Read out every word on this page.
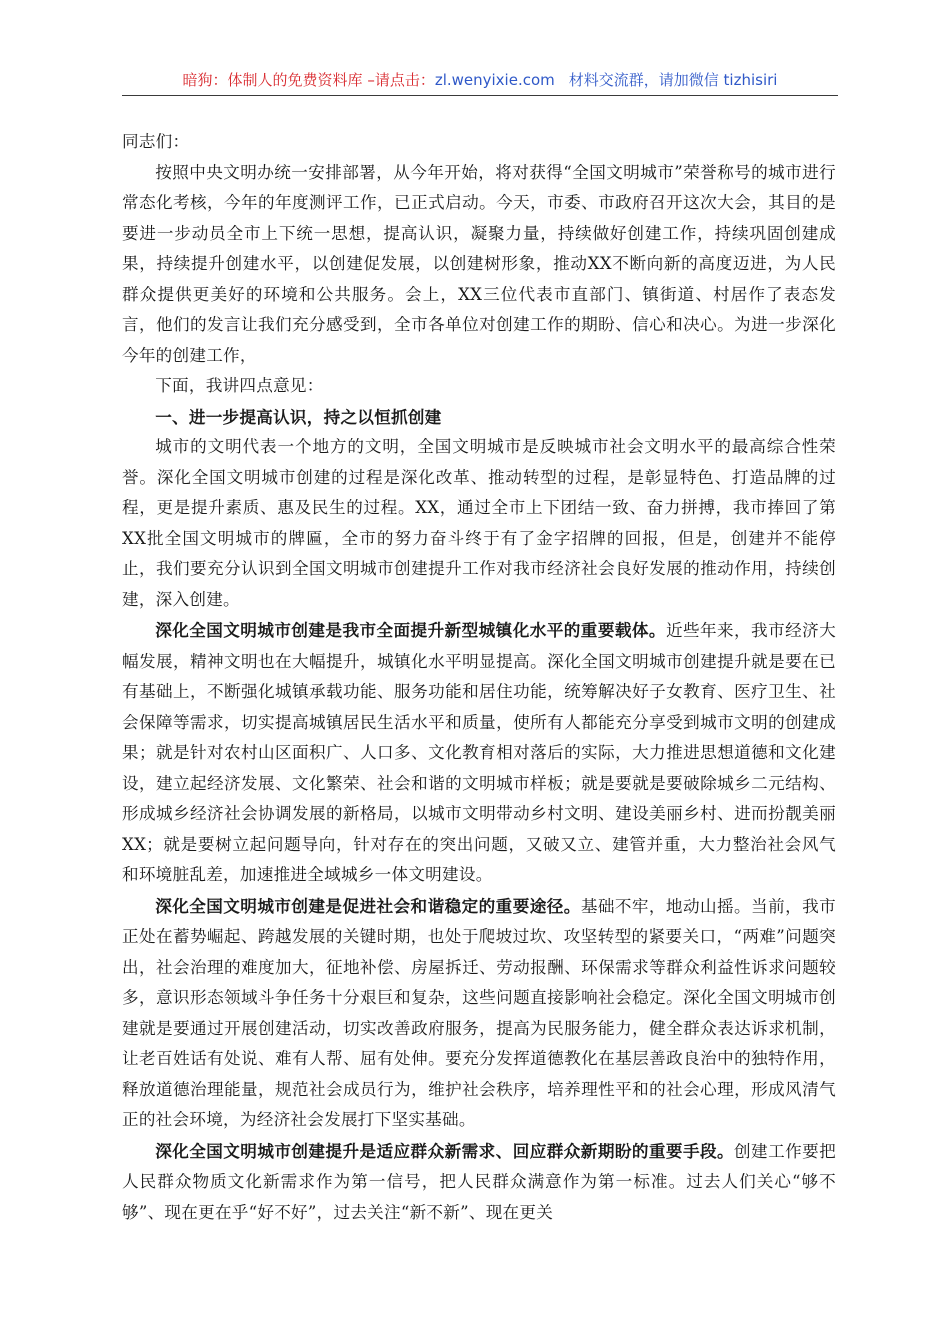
暗狗：体制人的免费资料库 –请点击：zl.wenyixie.com 材料交流群，请加微信 tizhisiri

同志们：

按照中央文明办统一安排部署，从今年开始，将对获得“全国文明城市”荣誉称号的城市进行常态化考核，今年的年度测评工作，已正式启动。今天，市委、市政府召开这次大会，其目的是要进一步动员全市上下统一思想，提高认识，凝聚力量，持续做好创建工作，持续巩固创建成果，持续提升创建水平，以创建促发展，以创建树形象，推动XX不断向新的高度迈进，为人民群众提供更美好的环境和公共服务。会上，XX三位代表市直部门、镇街道、村居作了表态发言，他们的发言让我们充分感受到，全市各单位对创建工作的期盼、信心和决心。为进一步深化今年的创建工作，

下面，我讲四点意见：

一、进一步提高认识，持之以恒抓创建

城市的文明代表一个地方的文明，全国文明城市是反映城市社会文明水平的最高综合性荣誉。深化全国文明城市创建的过程是深化改革、推动转型的过程，是彰显特色、打造品牌的过程，更是提升素质、惠及民生的过程。XX，通过全市上下团结一致、奋力拼搏，我市捧回了第XX批全国文明城市的牌匾，全市的努力奋斗终于有了金字招牌的回报，但是，创建并不能停止，我们要充分认识到全国文明城市创建提升工作对我市经济社会良好发展的推动作用，持续创建，深入创建。

深化全国文明城市创建是我市全面提升新型城镇化水平的重要载体。近些年来，我市经济大幅发展，精神文明也在大幅提升，城镇化水平明显提高。深化全国文明城市创建提升就是要在已有基础上，不断强化城镇承载功能、服务功能和居住功能，统筹解决好子女教育、医疗卫生、社会保障等需求，切实提高城镇居民生活水平和质量，使所有人都能充分享受到城市文明的创建成果；就是针对农村山区面积广、人口多、文化教育相对落后的实际，大力推进思想道德和文化建设，建立起经济发展、文化繁荣、社会和谐的文明城市样板；就是要就是要破除城乡二元结构、形成城乡经济社会协调发展的新格局，以城市文明带动乡村文明、建设美丽乡村、进而扮靓美丽XX；就是要树立起问题导向，针对存在的突出问题，又破又立、建管并重，大力整治社会风气和环境脏乱差，加速推进全域城乡一体文明建设。

深化全国文明城市创建是促进社会和谐稳定的重要途径。基础不牢，地动山摇。当前，我市正处在蓄势崛起、跨越发展的关键时期，也处于爬坡过坎、攻坚转型的紧要关口，“两难”问题突出，社会治理的难度加大，征地补偿、房屋拆迁、劳动报酬、环保需求等群众利益性诉求问题较多，意识形态领域斗争任务十分艰巨和复杂，这些问题直接影响社会稳定。深化全国文明城市创建就是要通过开展创建活动，切实改善政府服务，提高为民服务能力，健全群众表达诉求机制，让老百姓话有处说、难有人帮、屈有处伸。要充分发挥道德教化在基层善政良治中的独特作用，释放道德治理能量，规范社会成员行为，维护社会秩序，培养理性平和的社会心理，形成风清气正的社会环境，为经济社会发展打下坚实基础。

深化全国文明城市创建提升是适应群众新需求、回应群众新期盼的重要手段。创建工作要把人民群众物质文化新需求作为第一信号，把人民群众满意作为第一标准。过去人们关心“够不够”、现在更在乎“好不好”，过去关注“新不新”、现在更关
